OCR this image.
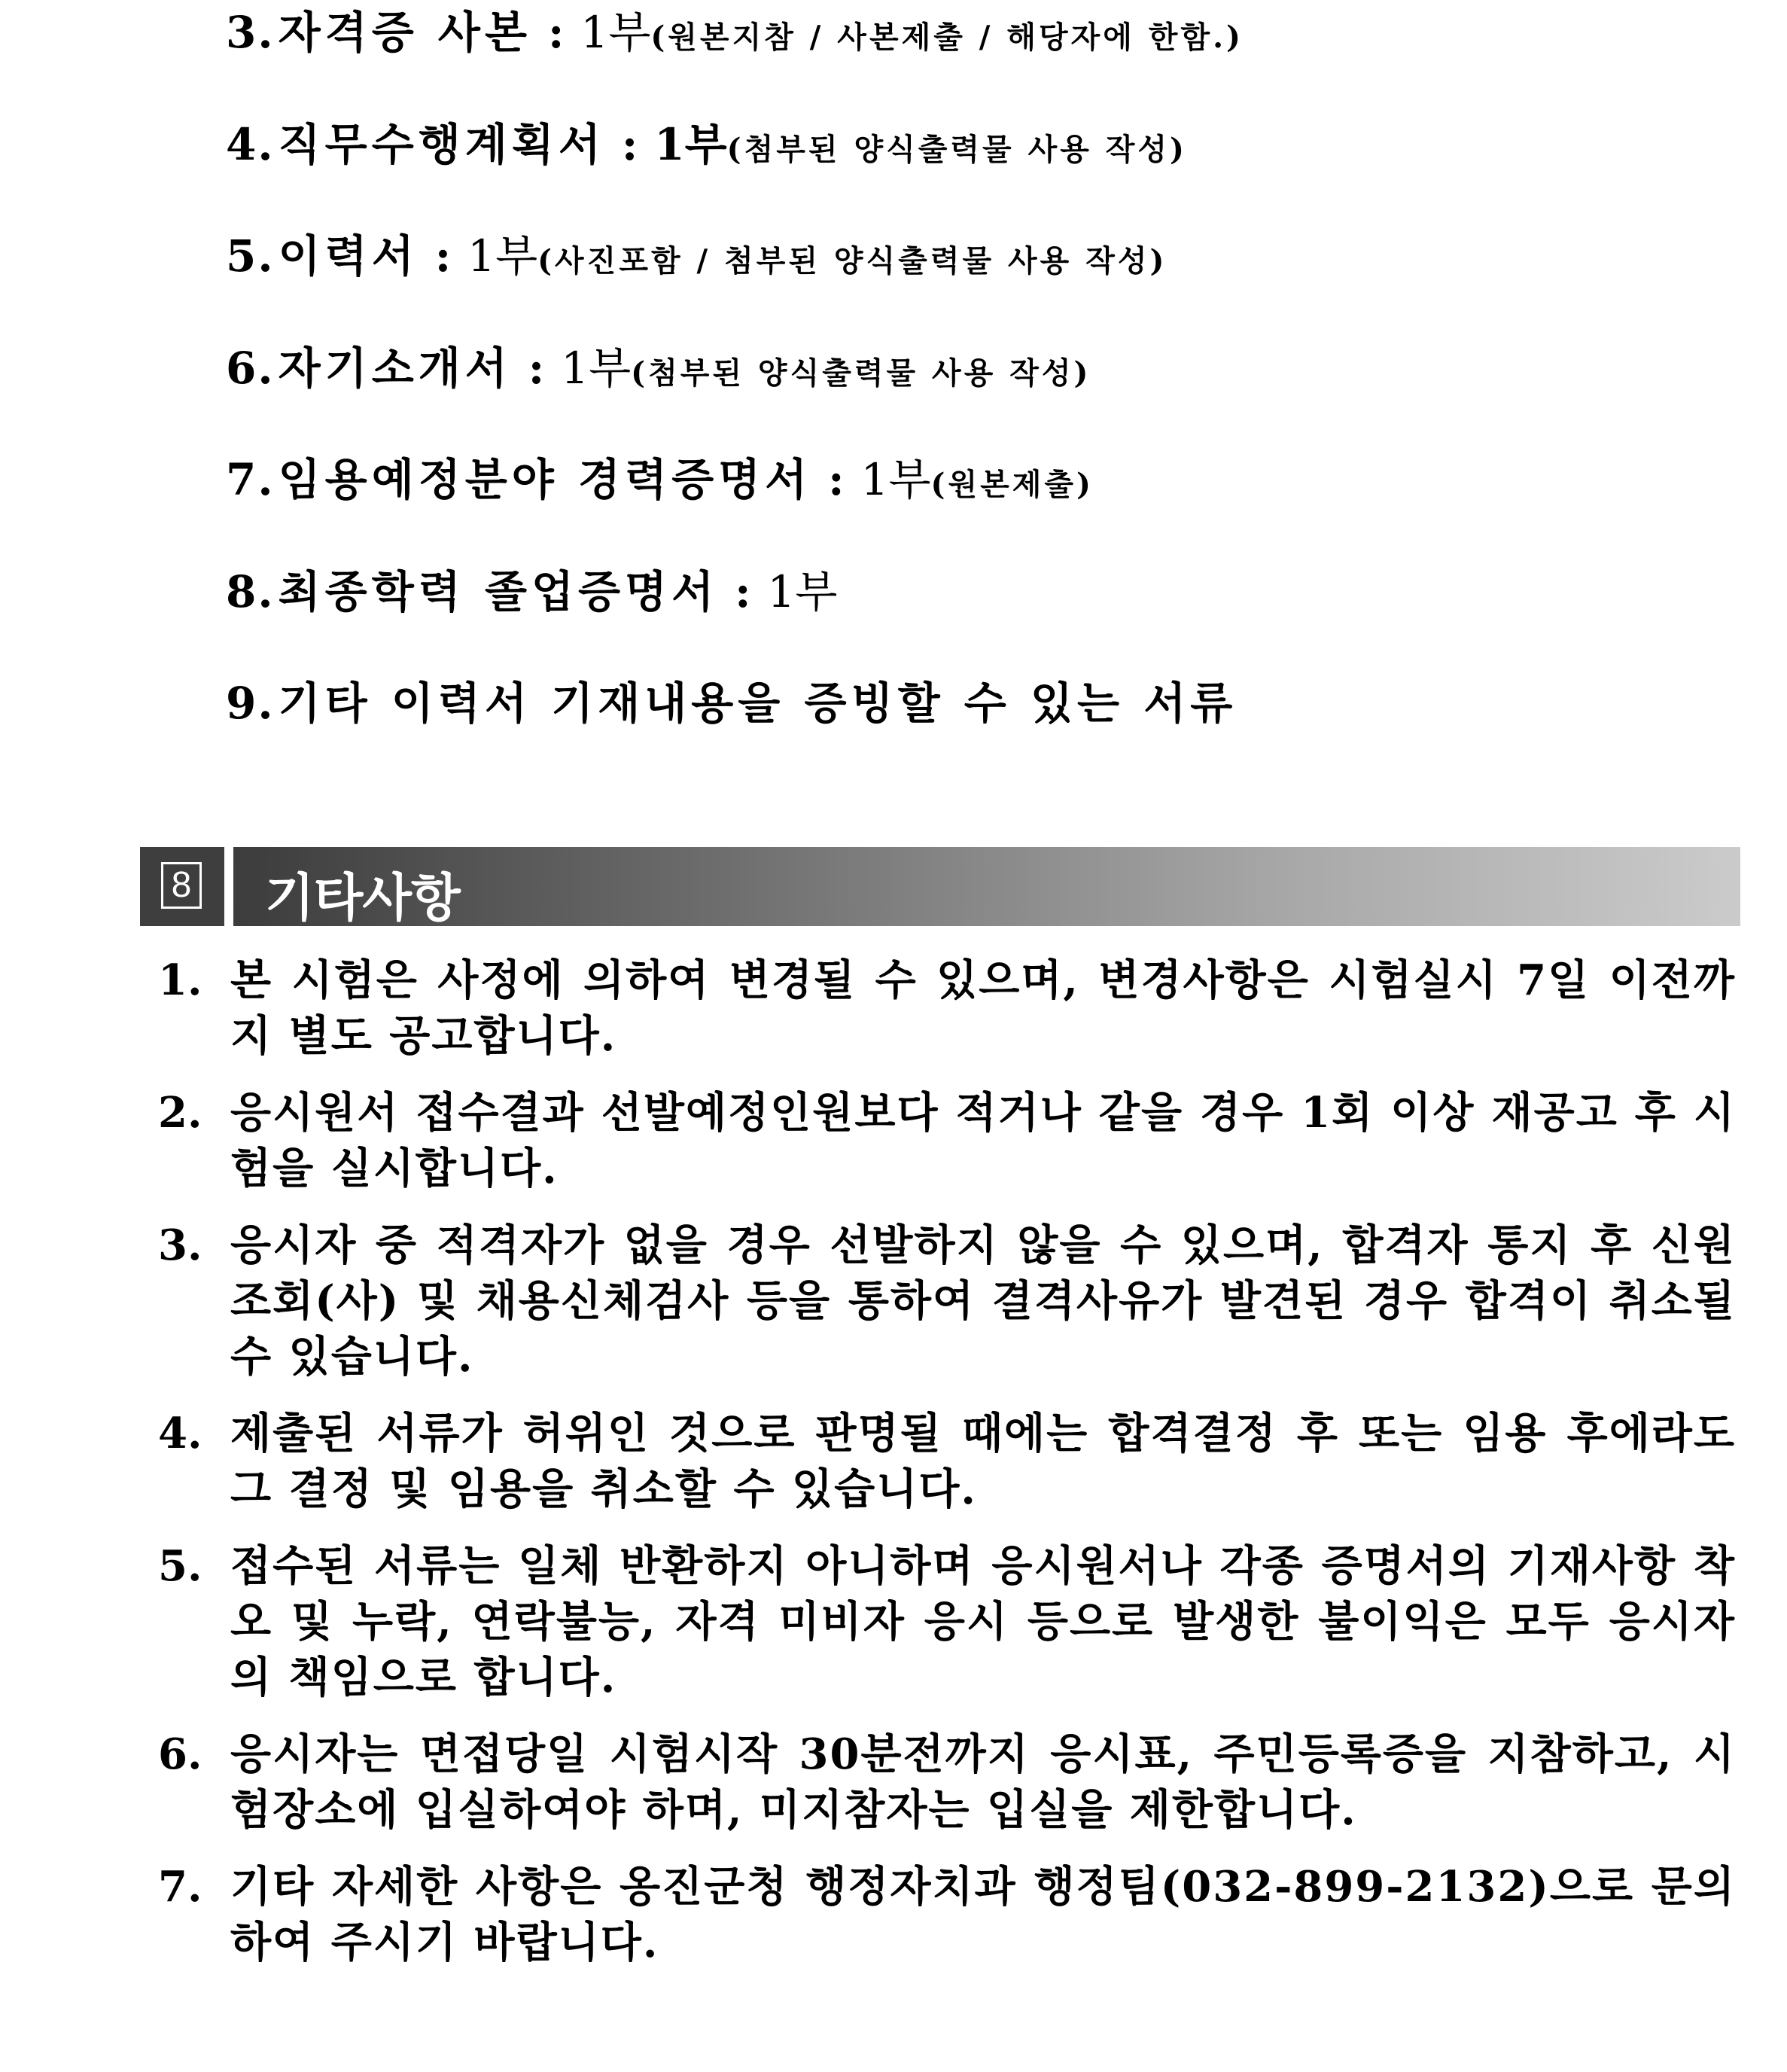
3. 자격증 사본 : 1부(원본지참 / 사본제출 / 해당자에 한함.)
4. 직무수행계획서 : 1부(첨부된 양식출력물 사용 작성)
5. 이력서 : 1부(사진포함 / 첨부된 양식출력물 사용 작성)
6. 자기소개서 : 1부(첨부된 양식출력물 사용 작성)
7. 임용예정분야 경력증명서 : 1부(원본제출)
8. 최종학력 졸업증명서 : 1부
9. 기타 이력서 기재내용을 증빙할 수 있는 서류
8 기타사항
1. 본 시험은 사정에 의하여 변경될 수 있으며, 변경사항은 시험실시 7일 이전까지 별도 공고합니다.
2. 응시원서 접수결과 선발예정인원보다 적거나 같을 경우 1회 이상 재공고 후 시험을 실시합니다.
3. 응시자 중 적격자가 없을 경우 선발하지 않을 수 있으며, 합격자 통지 후 신원조회(사) 및 채용신체검사 등을 통하여 결격사유가 발견된 경우 합격이 취소될 수 있습니다.
4. 제출된 서류가 허위인 것으로 판명될 때에는 합격결정 후 또는 임용 후에라도 그 결정 및 임용을 취소할 수 있습니다.
5. 접수된 서류는 일체 반환하지 아니하며 응시원서나 각종 증명서의 기재사항 착오 및 누락, 연락불능, 자격 미비자 응시 등으로 발생한 불이익은 모두 응시자의 책임으로 합니다.
6. 응시자는 면접당일 시험시작 30분전까지 응시표, 주민등록증을 지참하고, 시험장소에 입실하여야 하며, 미지참자는 입실을 제한합니다.
7. 기타 자세한 사항은 옹진군청 행정자치과 행정팀(032-899-2132)으로 문의하여 주시기 바랍니다.
